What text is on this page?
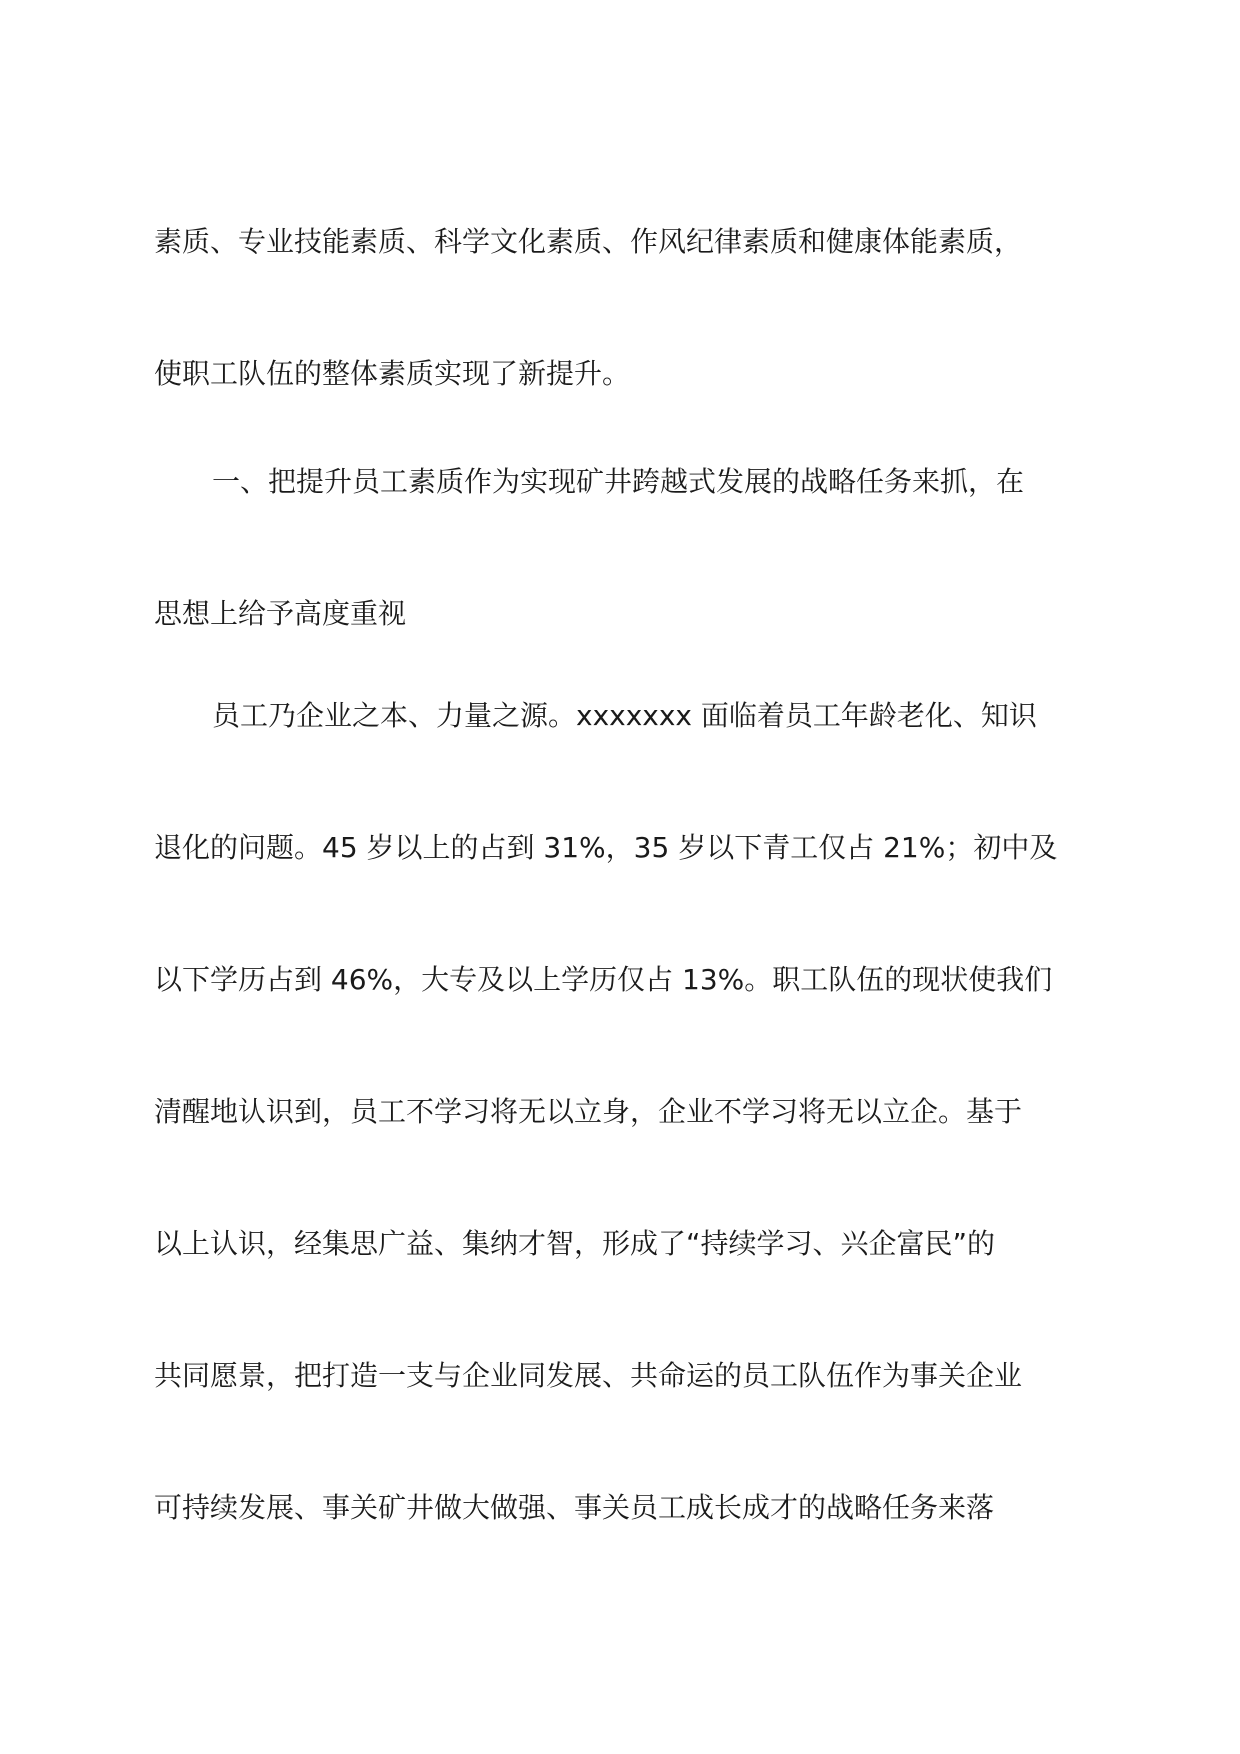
素质、专业技能素质、科学文化素质、作风纪律素质和健康体能素质，
使职工队伍的整体素质实现了新提升。
一、把提升员工素质作为实现矿井跨越式发展的战略任务来抓，在
思想上给予高度重视
员工乃企业之本、力量之源。xxxxxxx 面临着员工年龄老化、知识
退化的问题。45 岁以上的占到 31%，35 岁以下青工仅占 21%；初中及
以下学历占到 46%，大专及以上学历仅占 13%。职工队伍的现状使我们
清醒地认识到，员工不学习将无以立身，企业不学习将无以立企。基于
以上认识，经集思广益、集纳才智，形成了“持续学习、兴企富民”的
共同愿景，把打造一支与企业同发展、共命运的员工队伍作为事关企业
可持续发展、事关矿井做大做强、事关员工成长成才的战略任务来落
